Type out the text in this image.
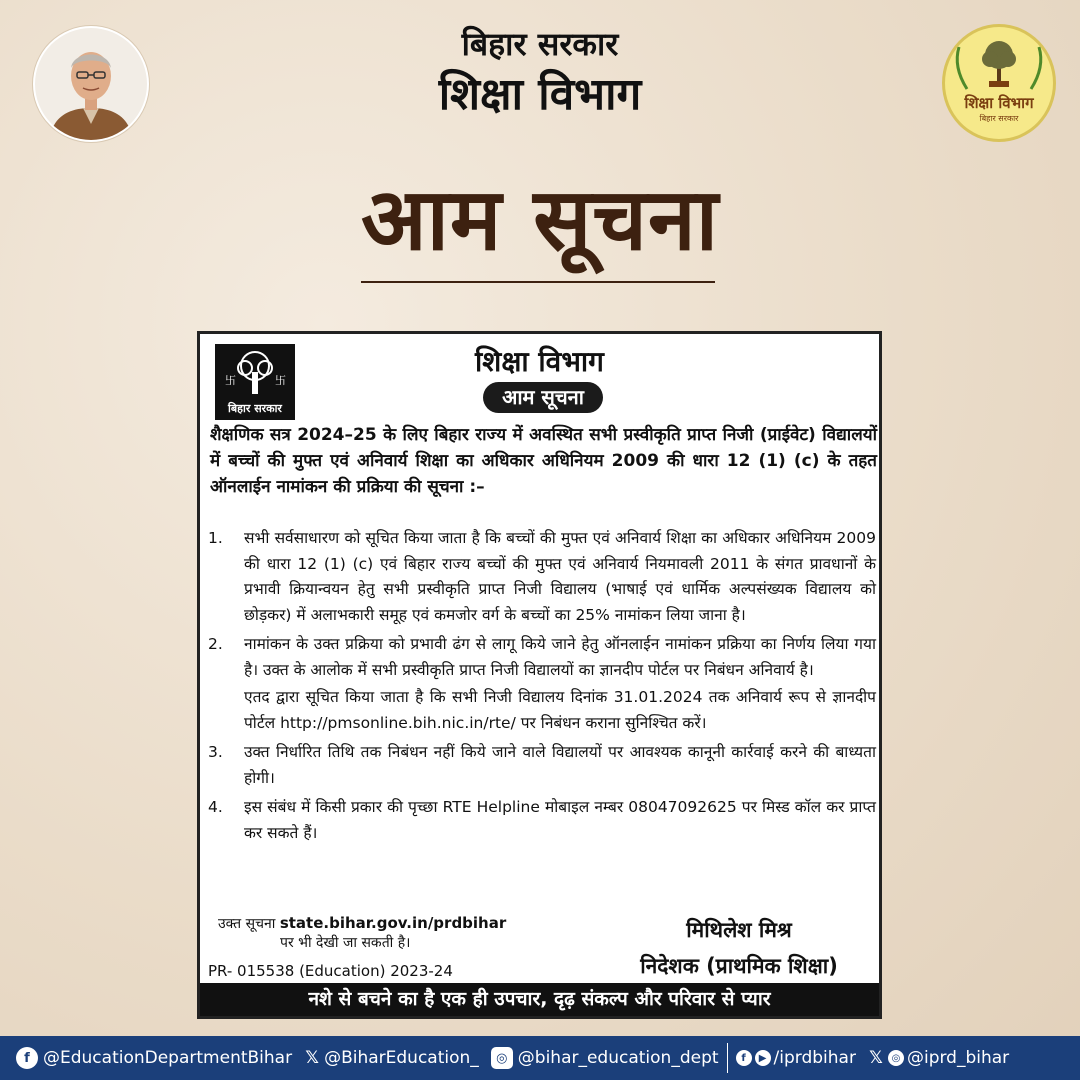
बिहार सरकार
शिक्षा विभाग	शिक्षा विभाग
बिहार सरकार
आम सूचना
卐	卐
बिहार सरकार
शिक्षा विभाग
आम सूचना
शैक्षणिक सत्र 2024–25 के लिए बिहार राज्य में अवस्थित सभी प्रस्वीकृति प्राप्त निजी (प्राईवेट) विद्यालयों में बच्चों की मुफ्त एवं अनिवार्य शिक्षा का अधिकार अधिनियम 2009 की धारा 12 (1) (c) के तहत ऑनलाईन नामांकन की प्रक्रिया की सूचना :–
1. सभी सर्वसाधारण को सूचित किया जाता है कि बच्चों की मुफ्त एवं अनिवार्य शिक्षा का अधिकार अधिनियम 2009 की धारा 12 (1) (c) एवं बिहार राज्य बच्चों की मुफ्त एवं अनिवार्य नियमावली 2011 के संगत प्रावधानों के प्रभावी क्रियान्वयन हेतु सभी प्रस्वीकृति प्राप्त निजी विद्यालय (भाषाई एवं धार्मिक अल्पसंख्यक विद्यालय को छोड़कर) में अलाभकारी समूह एवं कमजोर वर्ग के बच्चों का 25% नामांकन लिया जाना है।

2. नामांकन के उक्त प्रक्रिया को प्रभावी ढंग से लागू किये जाने हेतु ऑनलाईन नामांकन प्रक्रिया का निर्णय लिया गया है। उक्त के आलोक में सभी प्रस्वीकृति प्राप्त निजी विद्यालयों का ज्ञानदीप पोर्टल पर निबंधन अनिवार्य है।

एतद द्वारा सूचित किया जाता है कि सभी निजी विद्यालय दिनांक 31.01.2024 तक अनिवार्य रूप से ज्ञानदीप पोर्टल http://pmsonline.bih.nic.in/rte/ पर निबंधन कराना सुनिश्चित करें।

3. उक्त निर्धारित तिथि तक निबंधन नहीं किये जाने वाले विद्यालयों पर आवश्यक कानूनी कार्रवाई करने की बाध्यता होगी।

4. इस संबंध में किसी प्रकार की पृच्छा RTE Helpline मोबाइल नम्बर 08047092625 पर मिस्ड कॉल कर प्राप्त कर सकते हैं।

उक्त सूचना state.bihar.gov.in/prdbihar
पर भी देखी जा सकती है।
PR- 015538 (Education) 2023-24
मिथिलेश मिश्र
निदेशक (प्राथमिक शिक्षा)
नशे से बचने का है एक ही उपचार, दृढ़ संकल्प और परिवार से प्यार
f @EducationDepartmentBihar 𝕏 @BiharEducation_	◎ @bihar_education_dept	f	▶ /iprdbihar 𝕏 ◎ @iprd_bihar
